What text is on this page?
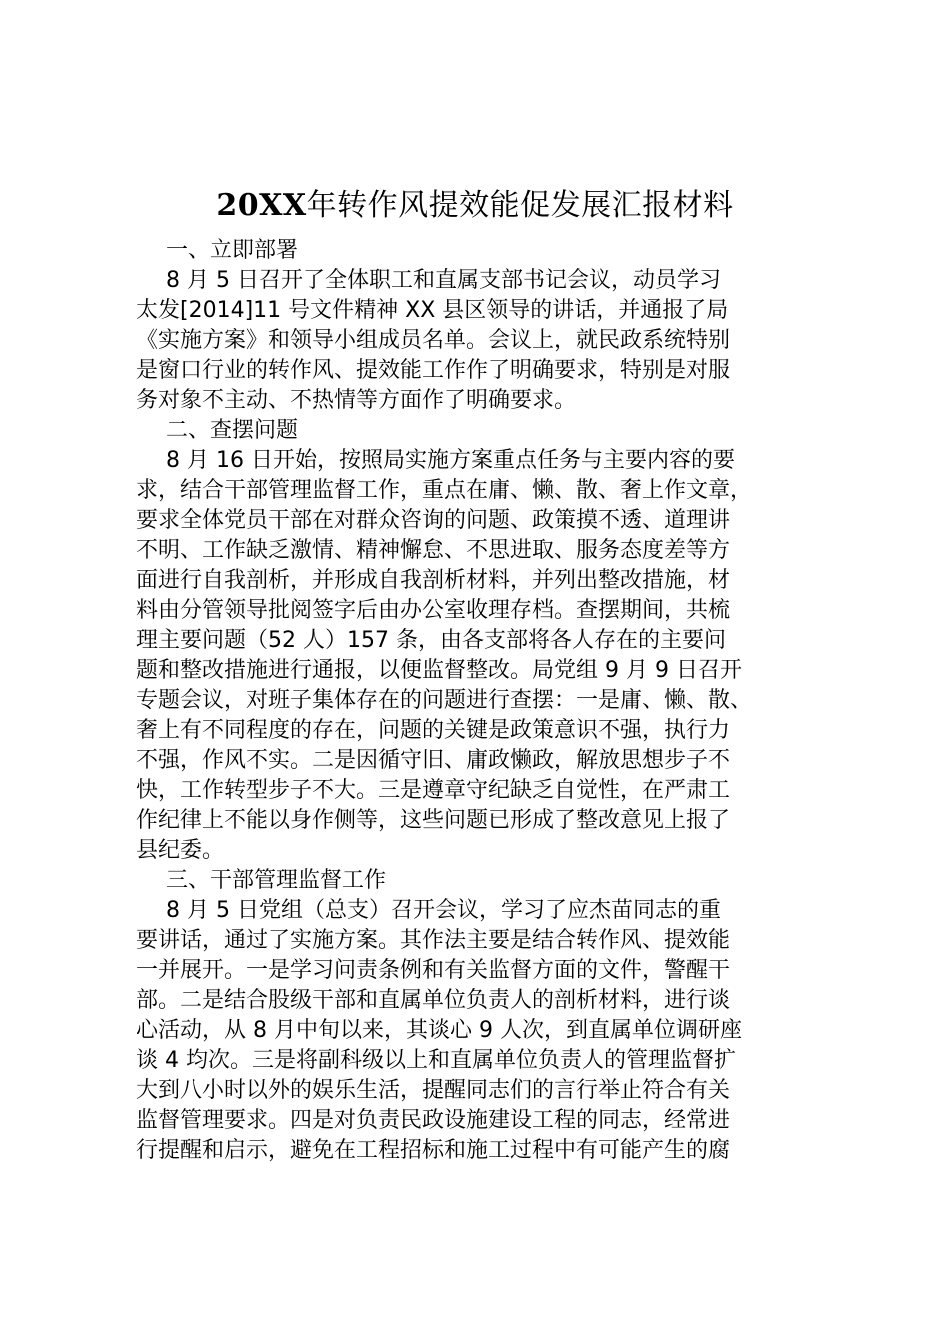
20XX年转作风提效能促发展汇报材料
一、立即部署
8 月 5 日召开了全体职工和直属支部书记会议，动员学习
太发[2014]11 号文件精神 XX 县区领导的讲话，并通报了局
《实施方案》和领导小组成员名单。会议上，就民政系统特别
是窗口行业的转作风、提效能工作作了明确要求，特别是对服
务对象不主动、不热情等方面作了明确要求。
二、查摆问题
8 月 16 日开始，按照局实施方案重点任务与主要内容的要
求，结合干部管理监督工作，重点在庸、懒、散、奢上作文章，
要求全体党员干部在对群众咨询的问题、政策摸不透、道理讲
不明、工作缺乏激情、精神懈怠、不思进取、服务态度差等方
面进行自我剖析，并形成自我剖析材料，并列出整改措施，材
料由分管领导批阅签字后由办公室收理存档。查摆期间，共梳
理主要问题（52 人）157 条，由各支部将各人存在的主要问
题和整改措施进行通报，以便监督整改。局党组 9 月 9 日召开
专题会议，对班子集体存在的问题进行查摆：一是庸、懒、散、
奢上有不同程度的存在，问题的关键是政策意识不强，执行力
不强，作风不实。二是因循守旧、庸政懒政，解放思想步子不
快，工作转型步子不大。三是遵章守纪缺乏自觉性，在严肃工
作纪律上不能以身作侧等，这些问题已形成了整改意见上报了
县纪委。
三、干部管理监督工作
8 月 5 日党组（总支）召开会议，学习了应杰苗同志的重
要讲话，通过了实施方案。其作法主要是结合转作风、提效能
一并展开。一是学习问责条例和有关监督方面的文件，警醒干
部。二是结合股级干部和直属单位负责人的剖析材料，进行谈
心活动，从 8 月中旬以来，其谈心 9 人次，到直属单位调研座
谈 4 均次。三是将副科级以上和直属单位负责人的管理监督扩
大到八小时以外的娱乐生活，提醒同志们的言行举止符合有关
监督管理要求。四是对负责民政设施建设工程的同志，经常进
行提醒和启示，避免在工程招标和施工过程中有可能产生的腐
